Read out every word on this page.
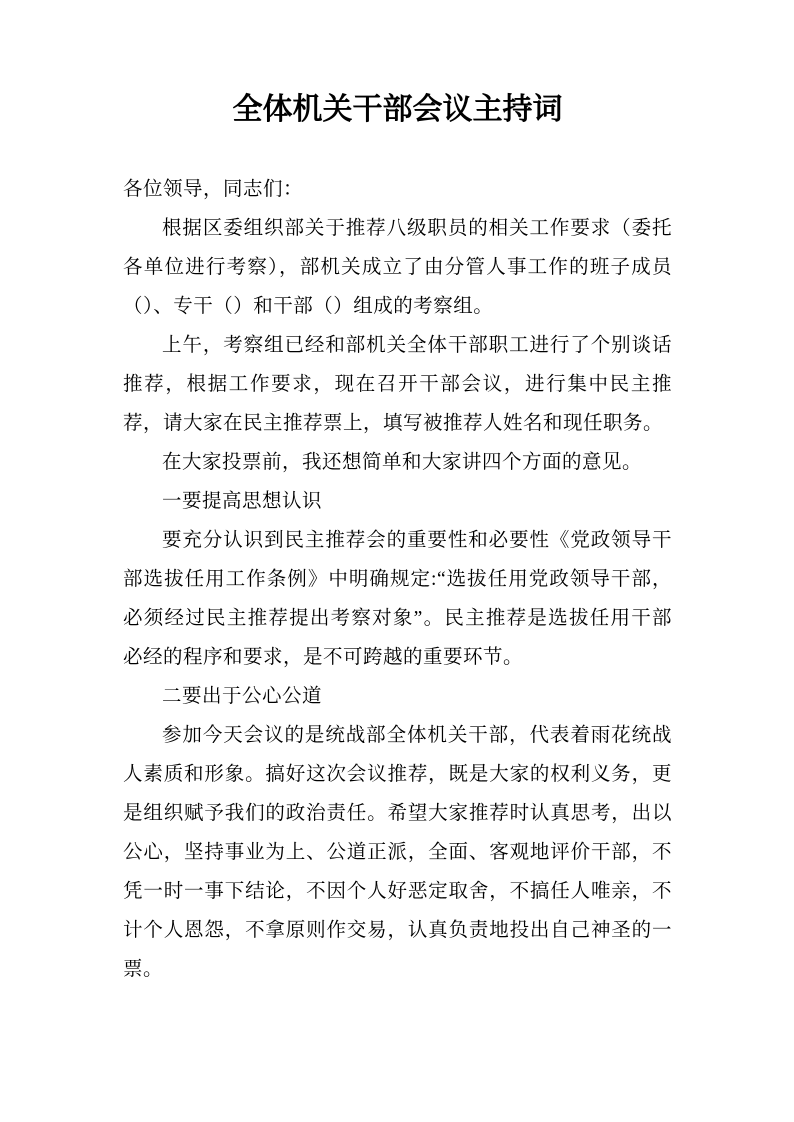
全体机关干部会议主持词

各位领导，同志们：

根据区委组织部关于推荐八级职员的相关工作要求（委托各单位进行考察），部机关成立了由分管人事工作的班子成员（）、专干（）和干部（）组成的考察组。

上午，考察组已经和部机关全体干部职工进行了个别谈话推荐，根据工作要求，现在召开干部会议，进行集中民主推荐，请大家在民主推荐票上，填写被推荐人姓名和现任职务。

在大家投票前，我还想简单和大家讲四个方面的意见。

一要提高思想认识

要充分认识到民主推荐会的重要性和必要性《党政领导干部选拔任用工作条例》中明确规定:“选拔任用党政领导干部，必须经过民主推荐提出考察对象”。民主推荐是选拔任用干部必经的程序和要求，是不可跨越的重要环节。

二要出于公心公道

参加今天会议的是统战部全体机关干部，代表着雨花统战人素质和形象。搞好这次会议推荐，既是大家的权利义务，更是组织赋予我们的政治责任。希望大家推荐时认真思考，出以公心，坚持事业为上、公道正派，全面、客观地评价干部，不凭一时一事下结论，不因个人好恶定取舍，不搞任人唯亲，不计个人恩怨，不拿原则作交易，认真负责地投出自己神圣的一票。
